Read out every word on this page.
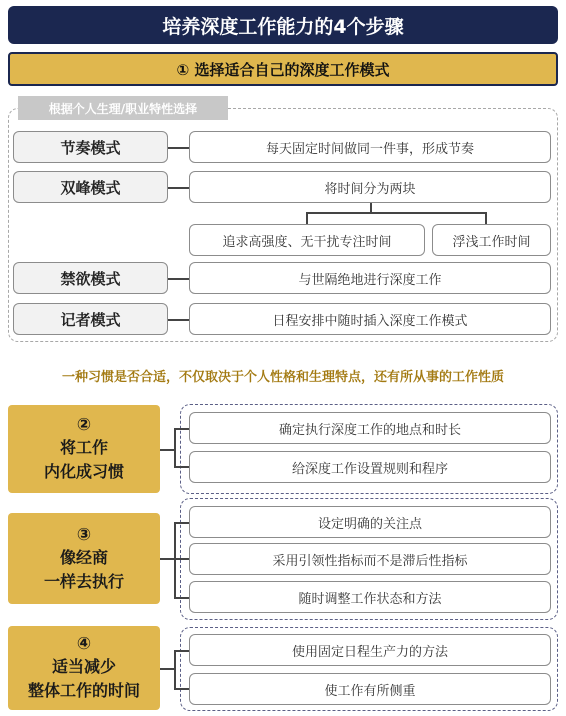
培养深度工作能力的4个步骤
① 选择适合自己的深度工作模式
根据个人生理/职业特性选择
节奏模式	每天固定时间做同一件事，形成节奏
双峰模式	将时间分为两块
追求高强度、无干扰专注时间	浮浅工作时间
禁欲模式	与世隔绝地进行深度工作
记者模式	日程安排中随时插入深度工作模式
一种习惯是否合适，不仅取决于个人性格和生理特点，还有所从事的工作性质
②
将工作
内化成习惯
确定执行深度工作的地点和时长
给深度工作设置规则和程序
③
像经商
一样去执行
设定明确的关注点
采用引领性指标而不是滞后性指标
随时调整工作状态和方法
④
适当减少
整体工作的时间
使用固定日程生产力的方法
使工作有所侧重
